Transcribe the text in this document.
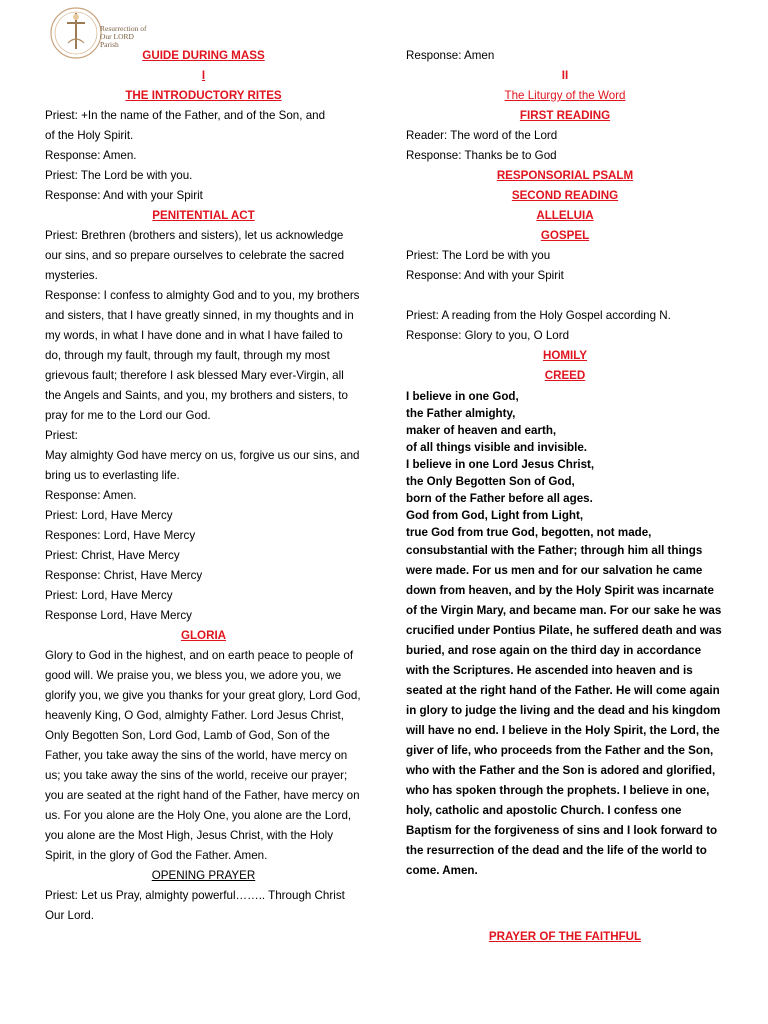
Resurrection of
Our LORD
Parish
GUIDE DURING MASS
I
THE INTRODUCTORY RITES
Priest: +In the name of the Father, and of the Son, and
of the Holy Spirit.
Response: Amen.
Priest: The Lord be with you.
Response: And with your Spirit
PENITENTIAL ACT
Priest: Brethren (brothers and sisters), let us acknowledge our sins, and so prepare ourselves to celebrate the sacred mysteries.
Response: I confess to almighty God and to you, my brothers and sisters, that I have greatly sinned, in my thoughts and in my words, in what I have done and in what I have failed to do, through my fault, through my fault, through my most grievous fault; therefore I ask blessed Mary ever-Virgin, all the Angels and Saints, and you, my brothers and sisters, to pray for me to the Lord our God.
Priest:
May almighty God have mercy on us, forgive us our sins, and bring us to everlasting life.
Response: Amen.
Priest: Lord, Have Mercy
Respones: Lord, Have Mercy
Priest: Christ, Have Mercy
Response: Christ, Have Mercy
Priest: Lord, Have Mercy
Response Lord, Have Mercy
GLORIA
Glory to God in the highest, and on earth peace to people of good will. We praise you, we bless you, we adore you, we glorify you, we give you thanks for your great glory, Lord God, heavenly King, O God, almighty Father. Lord Jesus Christ, Only Begotten Son, Lord God, Lamb of God, Son of the Father, you take away the sins of the world, have mercy on us; you take away the sins of the world, receive our prayer; you are seated at the right hand of the Father, have mercy on us. For you alone are the Holy One, you alone are the Lord, you alone are the Most High, Jesus Christ, with the Holy Spirit, in the glory of God the Father. Amen.
OPENING PRAYER
Priest: Let us Pray, almighty powerful…….. Through Christ Our Lord.
Response: Amen
II
The Liturgy of the Word
FIRST READING
Reader: The word of the Lord
Response: Thanks be to God
RESPONSORIAL PSALM
SECOND READING
ALLELUIA
GOSPEL
Priest: The Lord be with you
Response: And with your Spirit
Priest: A reading from the Holy Gospel according N.
Response: Glory to you, O Lord
HOMILY
CREED
I believe in one God,
the Father almighty,
maker of heaven and earth,
of all things visible and invisible.
I believe in one Lord Jesus Christ,
the Only Begotten Son of God,
born of the Father before all ages.
God from God, Light from Light,
true God from true God, begotten, not made,
consubstantial with the Father; through him all things were made. For us men and for our salvation he came down from heaven, and by the Holy Spirit was incarnate of the Virgin Mary, and became man. For our sake he was crucified under Pontius Pilate, he suffered death and was buried, and rose again on the third day in accordance with the Scriptures. He ascended into heaven and is seated at the right hand of the Father. He will come again in glory to judge the living and the dead and his kingdom will have no end. I believe in the Holy Spirit, the Lord, the giver of life, who proceeds from the Father and the Son, who with the Father and the Son is adored and glorified, who has spoken through the prophets. I believe in one, holy, catholic and apostolic Church. I confess one Baptism for the forgiveness of sins and I look forward to the resurrection of the dead and the life of the world to come. Amen.
PRAYER OF THE FAITHFUL
